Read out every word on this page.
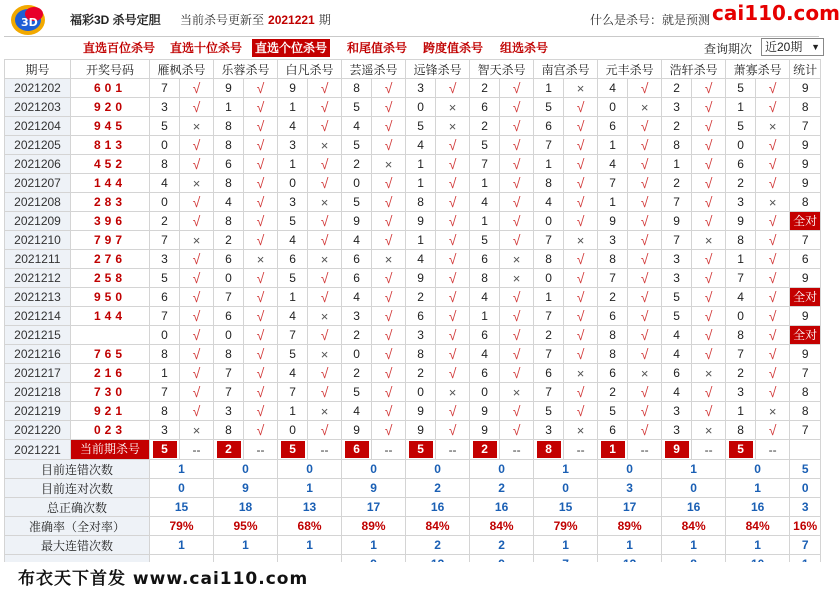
3D	福彩3D 杀号定胆 当前杀号更新至 2021221 期	什么是杀号：就是预测 cai110.com
直选百位杀号 直选十位杀号 直选个位杀号 和尾值杀号 跨度值杀号 组选杀号	查询期次	近20期 ▼
期号	开奖号码	雁枫杀号		乐蓉杀号		白凡杀号		芸遥杀号		远锋杀号		智天杀号		南宫杀号		元丰杀号		浩轩杀号		萧寡杀号		统计
2021202	601	7	√	9	√	9	√	8	√	3	√	2	√	1	×	4	√	2	√	5	√	9
2021203	920	3	√	1	√	1	√	5	√	0	×	6	√	5	√	0	×	3	√	1	√	8
2021204	945	5	×	8	√	4	√	4	√	5	×	2	√	6	√	6	√	2	√	5	×	7
2021205	813	0	√	8	√	3	×	5	√	4	√	5	√	7	√	1	√	8	√	0	√	9
2021206	452	8	√	6	√	1	√	2	×	1	√	7	√	1	√	4	√	1	√	6	√	9
2021207	144	4	×	8	√	0	√	0	√	1	√	1	√	8	√	7	√	2	√	2	√	9
2021208	283	0	√	4	√	3	×	5	√	8	√	4	√	4	√	1	√	7	√	3	×	8
2021209	396	2	√	8	√	5	√	9	√	9	√	1	√	0	√	9	√	9	√	9	√	全对
2021210	797	7	×	2	√	4	√	4	√	1	√	5	√	7	×	3	√	7	×	8	√	7
2021211	276	3	√	6	×	6	×	6	×	4	√	6	×	8	√	8	√	3	√	1	√	6
2021212	258	5	√	0	√	5	√	6	√	9	√	8	×	0	√	7	√	3	√	7	√	9
2021213	950	6	√	7	√	1	√	4	√	2	√	4	√	1	√	2	√	5	√	4	√	全对
2021214	144	7	√	6	√	4	×	3	√	6	√	1	√	7	√	6	√	5	√	0	√	9
2021215		0	√	0	√	7	√	2	√	3	√	6	√	2	√	8	√	4	√	8	√	全对
2021216	765	8	√	8	√	5	×	0	√	8	√	4	√	7	√	8	√	4	√	7	√	9
2021217	216	1	√	7	√	4	√	2	√	2	√	6	√	6	×	6	×	6	×	2	√	7
2021218	730	7	√	7	√	7	√	5	√	0	×	0	×	7	√	2	√	4	√	3	√	8
2021219	921	8	√	3	√	1	×	4	√	9	√	9	√	5	√	5	√	3	√	1	×	8
2021220	023	3	×	8	√	0	√	9	√	9	√	9	√	3	×	6	√	3	×	8	√	7
2021221	当前期杀号	5	--	2	--	5	--	6	--	5	--	2	--	8	--	1	--	9	--	5	--	
目前连错次数		1		0		0		0		0		0		1		0		1		0		5
目前连对次数		0		9		1		9		2		2		0		3		0		1		0
总正确次数		15		18		13		17		16		16		15		17		16		16		3
准确率（全对率）		79%		95%		68%		89%		84%		84%		79%		89%		84%		84%		16%
最大连错次数		1		1		1		1		2		2		1		1		1		1		7

布衣天下首发 www.cai110.com
